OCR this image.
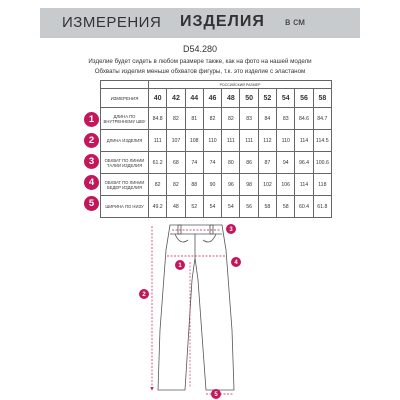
ИЗМЕРЕНИЯ ИЗДЕЛИЯ в см
D54.280
Изделие будет сидеть в любом размере также, как на фото на нашей модели
Обхваты изделия меньше обхватов фигуры, т.к. это изделие с эластаном
	РОССИЙСКИЙ РАЗМЕР									
ИЗМЕРЕНИЯ	40	42	44	46	48	50	52	54	56	58
ДЛИНА ПО ВНУТРЕННЕМУ ШВУ	84.8	82	81	82	82	83	84	83	84.6	84.7
ДЛИНА ИЗДЕЛИЯ	111	107	108	110	111	111	112	110	114	114.5
ОБХВАТ ПО ЛИНИИ ТАЛИИ ИЗДЕЛИЯ	61.2	68	74	74	80	86	87	94	96.4	100.6
ОБХВАТ ПО ЛИНИИ БЕДЕР ИЗДЕЛИЯ	82	82	88	90	96	98	102	106	114	118
ШИРИНА ПО НИЗУ	49.2	48	52	54	54	56	58	58	60.4	61.8
1
2
3
4
5
1
2
3
4
5
